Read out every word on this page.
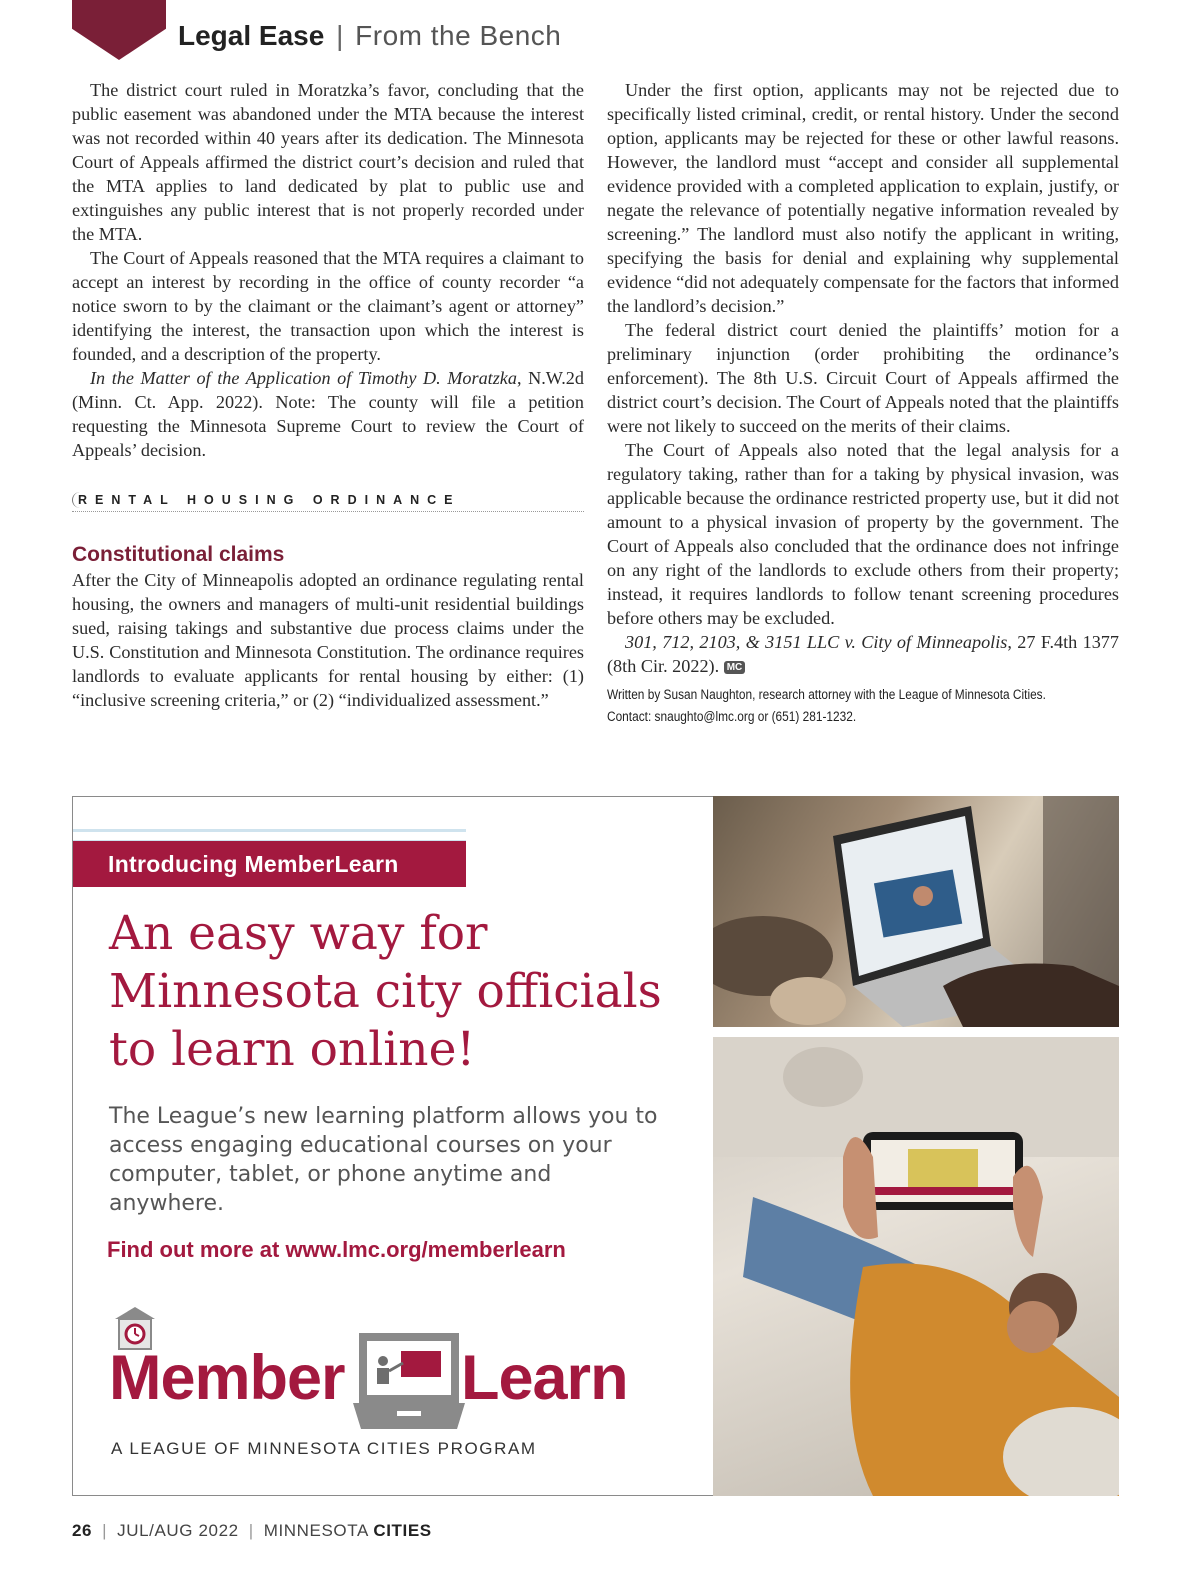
Legal Ease | From the Bench

The district court ruled in Moratzka’s favor, concluding that the public easement was abandoned under the MTA because the interest was not recorded within 40 years after its dedication. The Minnesota Court of Appeals affirmed the district court’s decision and ruled that the MTA applies to land dedicated by plat to public use and extinguishes any public interest that is not properly recorded under the MTA.

The Court of Appeals reasoned that the MTA requires a claimant to accept an interest by recording in the office of county recorder “a notice sworn to by the claimant or the claimant’s agent or attorney” identifying the interest, the transaction upon which the interest is founded, and a description of the property.

In the Matter of the Application of Timothy D. Moratzka, N.W.2d (Minn. Ct. App. 2022). Note: The county will file a petition requesting the Minnesota Supreme Court to review the Court of Appeals’ decision.

RENTAL HOUSING ORDINANCE
Constitutional claims

After the City of Minneapolis adopted an ordinance regulating rental housing, the owners and managers of multi-unit residential buildings sued, raising takings and substantive due process claims under the U.S. Constitution and Minnesota Constitution. The ordinance requires landlords to evaluate applicants for rental housing by either: (1) “inclusive screening criteria,” or (2) “individualized assessment.”

Under the first option, applicants may not be rejected due to specifically listed criminal, credit, or rental history. Under the second option, applicants may be rejected for these or other lawful reasons. However, the landlord must “accept and consider all supplemental evidence provided with a completed application to explain, justify, or negate the relevance of potentially negative information revealed by screening.” The landlord must also notify the applicant in writing, specifying the basis for denial and explaining why supplemental evidence “did not adequately compensate for the factors that informed the landlord’s decision.”

The federal district court denied the plaintiffs’ motion for a preliminary injunction (order prohibiting the ordinance’s enforcement). The 8th U.S. Circuit Court of Appeals affirmed the district court’s decision. The Court of Appeals noted that the plaintiffs were not likely to succeed on the merits of their claims.

The Court of Appeals also noted that the legal analysis for a regulatory taking, rather than for a taking by physical invasion, was applicable because the ordinance restricted property use, but it did not amount to a physical invasion of property by the government. The Court of Appeals also concluded that the ordinance does not infringe on any right of the landlords to exclude others from their property; instead, it requires landlords to follow tenant screening procedures before others may be excluded.

301, 712, 2103, & 3151 LLC v. City of Minneapolis, 27 F.4th 1377 (8th Cir. 2022). MC

Written by Susan Naughton, research attorney with the League of Minnesota Cities.
Contact: snaughto@lmc.org or (651) 281-1232.
Introducing MemberLearn
An easy way for
Minnesota city officials
to learn online!
The League’s new learning platform allows you to access engaging educational courses on your computer, tablet, or phone anytime and anywhere.
Find out more at www.lmc.org/memberlearn
Member Learn
A LEAGUE OF MINNESOTA CITIES PROGRAM
26 | JUL/AUG 2022 | MINNESOTA CITIES
